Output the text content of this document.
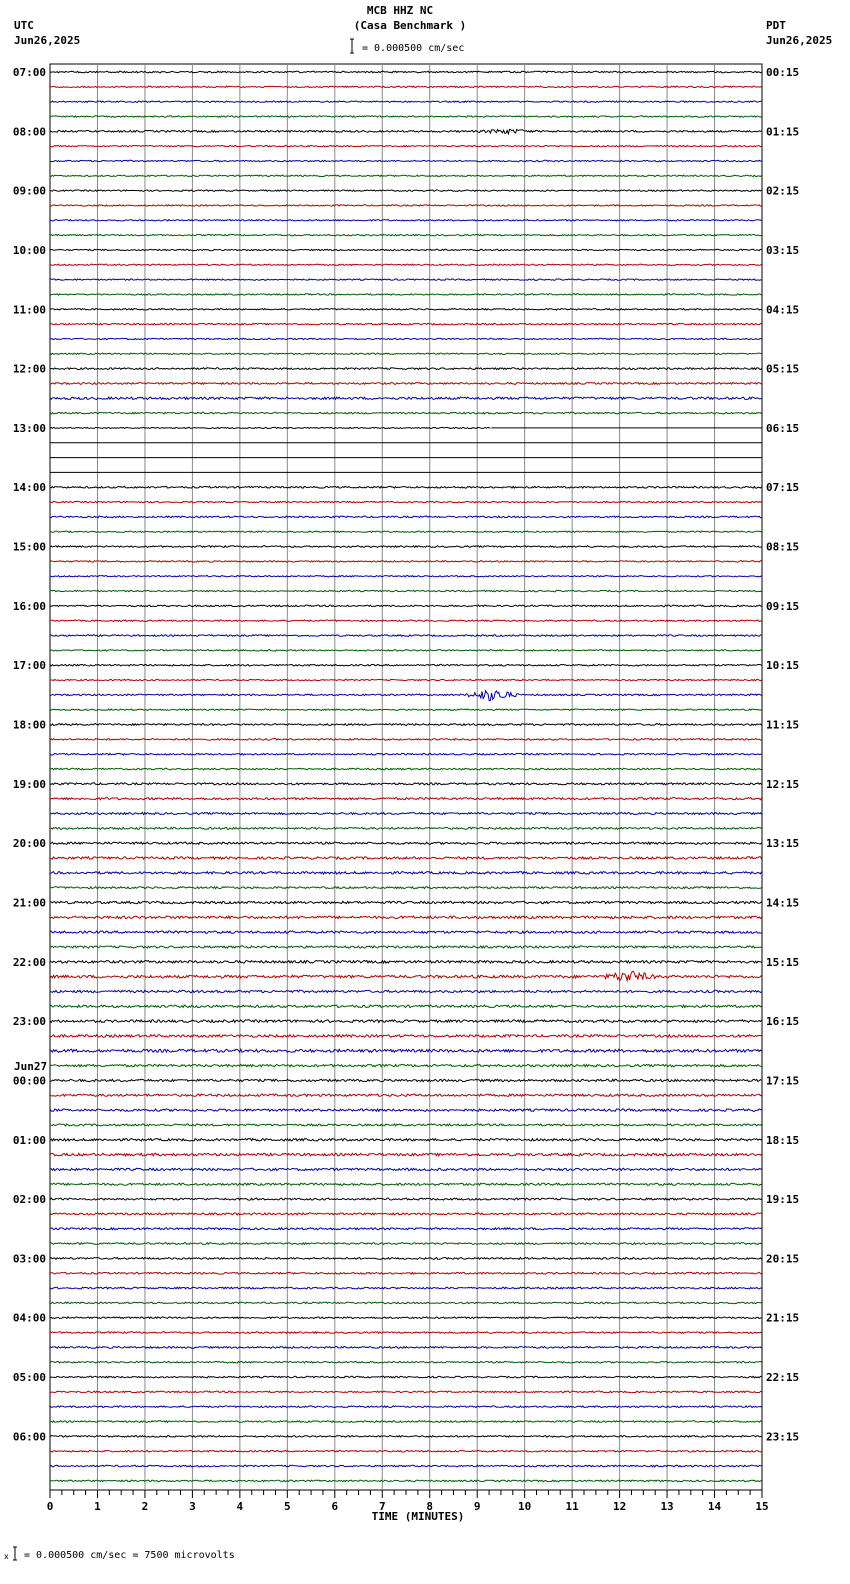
07:00
08:00
09:00
10:00
11:00
12:00
13:00
14:00
15:00
16:00
17:00
18:00
19:00
20:00
21:00
22:00
23:00
00:00
01:00
02:00
03:00
04:00
05:00
06:00
00:15
01:15
02:15
03:15
04:15
05:15
06:15
07:15
08:15
09:15
10:15
11:15
12:15
13:15
14:15
15:15
16:15
17:15
18:15
19:15
20:15
21:15
22:15
23:15
Jun27
0	1	2	3	4	5	6	7	8	9	10	11	12	13	14	15
x
UTC
Jun26,2025
PDT
Jun26,2025
MCB HHZ NC
(Casa Benchmark )
= 0.000500 cm/sec
TIME (MINUTES)
= 0.000500 cm/sec = 7500 microvolts
